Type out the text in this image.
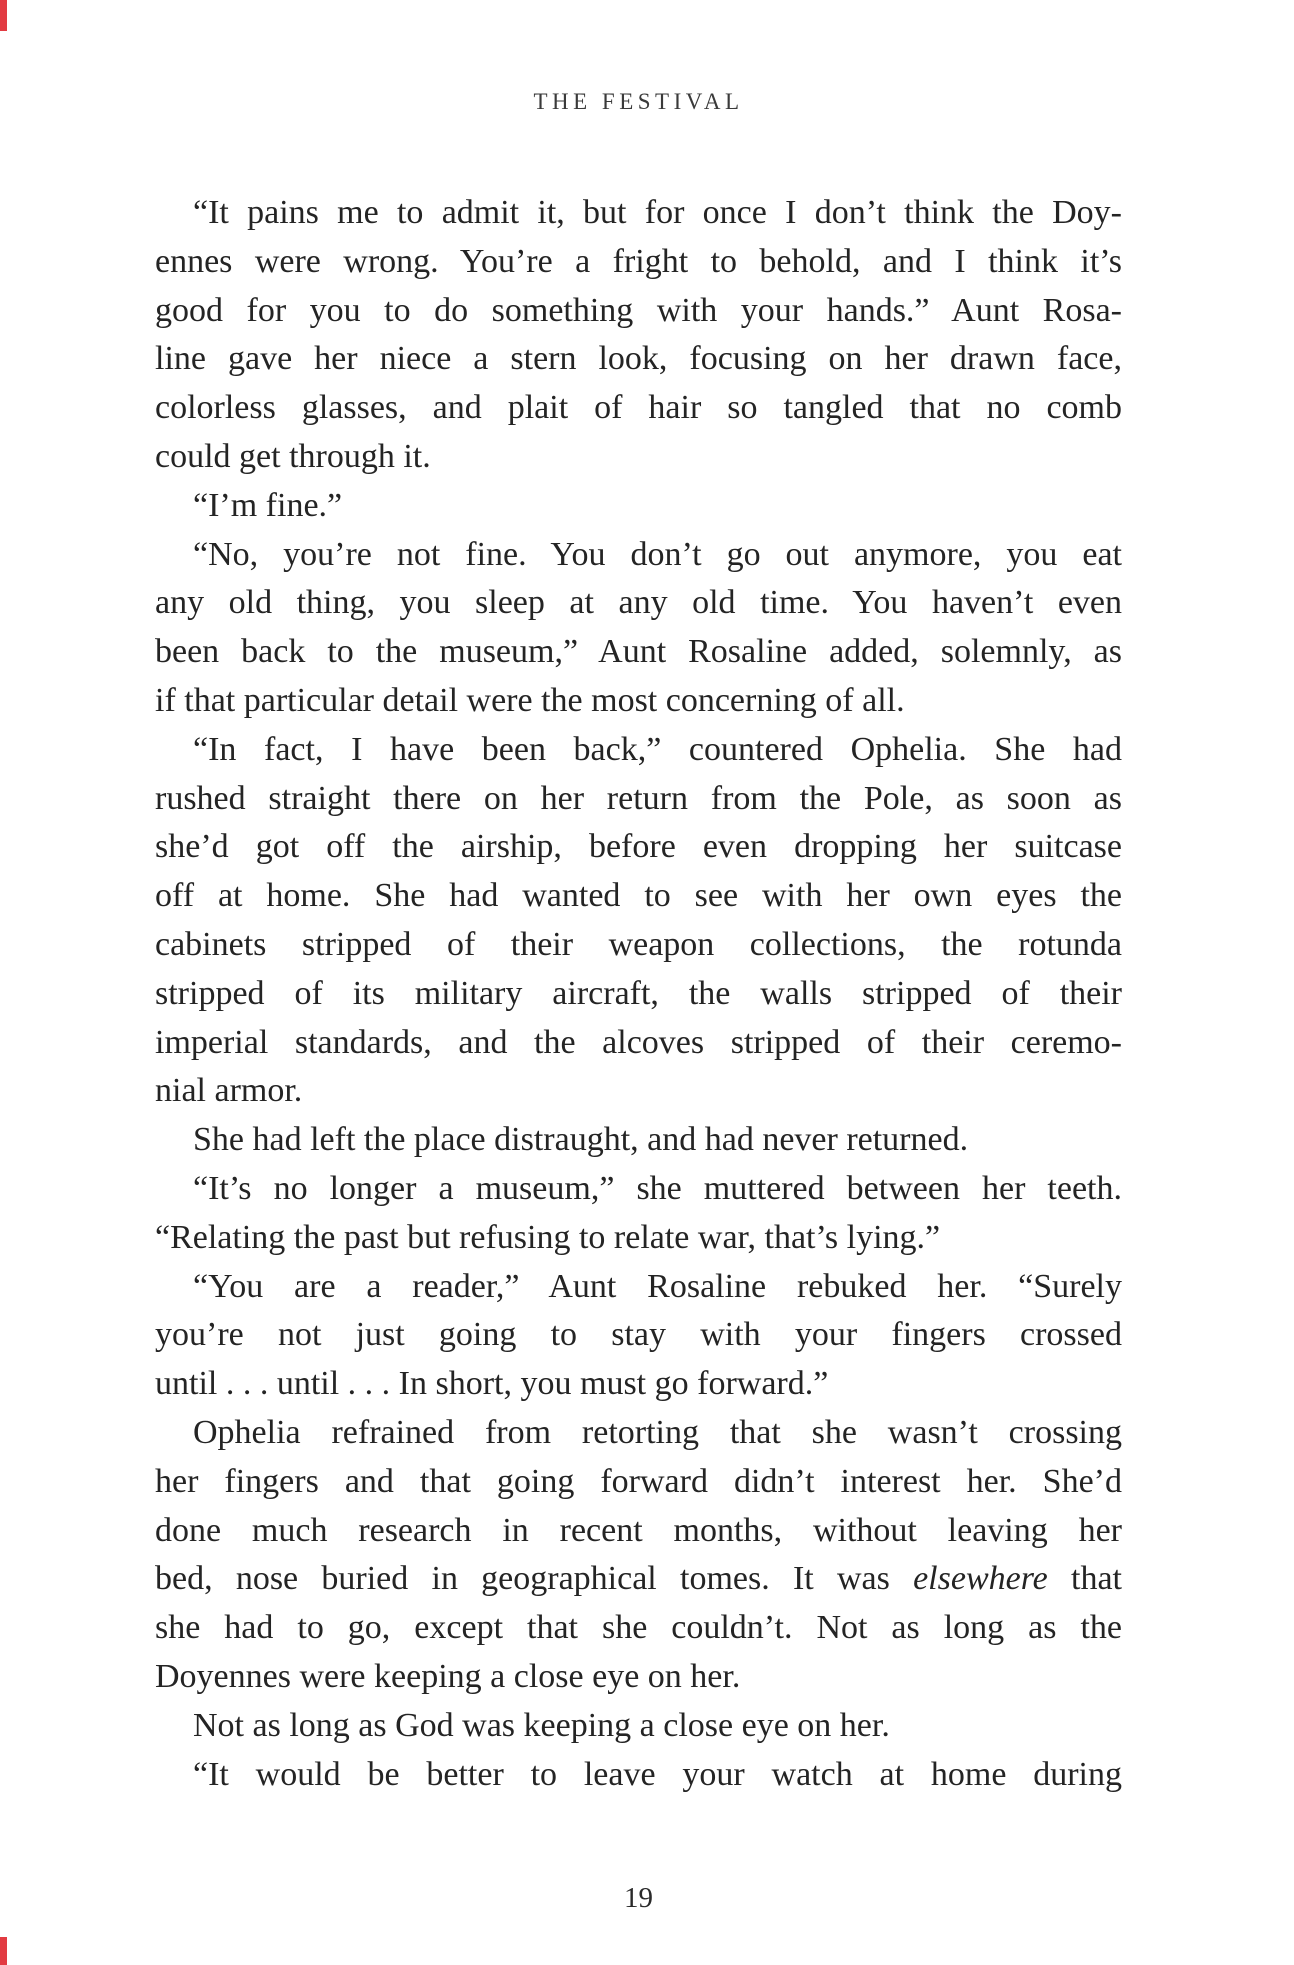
THE FESTIVAL
“It pains me to admit it, but for once I don’t think the Doy-
ennes were wrong. You’re a fright to behold, and I think it’s
good for you to do something with your hands.” Aunt Rosa-
line gave her niece a stern look, focusing on her drawn face,
colorless glasses, and plait of hair so tangled that no comb
could get through it.
“I’m fine.”
“No, you’re not fine. You don’t go out anymore, you eat
any old thing, you sleep at any old time. You haven’t even
been back to the museum,” Aunt Rosaline added, solemnly, as
if that particular detail were the most concerning of all.
“In fact, I have been back,” countered Ophelia. She had
rushed straight there on her return from the Pole, as soon as
she’d got off the airship, before even dropping her suitcase
off at home. She had wanted to see with her own eyes the
cabinets stripped of their weapon collections, the rotunda
stripped of its military aircraft, the walls stripped of their
imperial standards, and the alcoves stripped of their ceremo-
nial armor.
She had left the place distraught, and had never returned.
“It’s no longer a museum,” she muttered between her teeth.
“Relating the past but refusing to relate war, that’s lying.”
“You are a reader,” Aunt Rosaline rebuked her. “Surely
you’re not just going to stay with your fingers crossed
until . . . until . . . In short, you must go forward.”
Ophelia refrained from retorting that she wasn’t crossing
her fingers and that going forward didn’t interest her. She’d
done much research in recent months, without leaving her
bed, nose buried in geographical tomes. It was elsewhere that
she had to go, except that she couldn’t. Not as long as the
Doyennes were keeping a close eye on her.
Not as long as God was keeping a close eye on her.
“It would be better to leave your watch at home during
19
